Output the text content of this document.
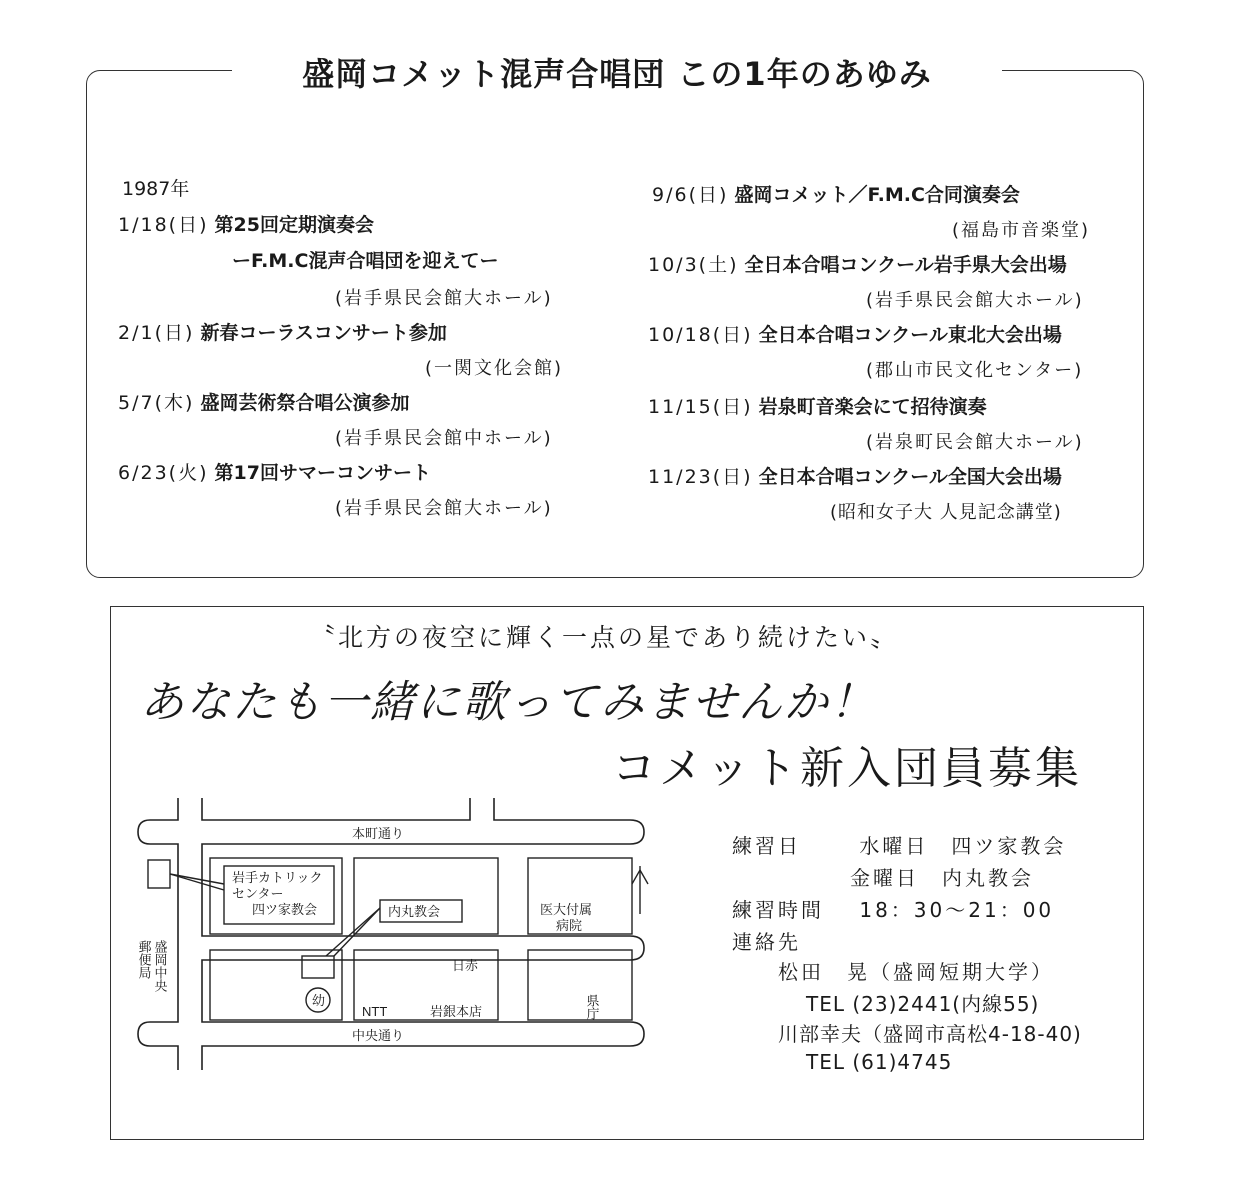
盛岡コメット混声合唱団 この1年のあゆみ
1987年
1/18(日) 第25回定期演奏会
ーF.M.C混声合唱団を迎えてー
(岩手県民会館大ホール)
2/1(日) 新春コーラスコンサート参加
(一関文化会館)
5/7(木) 盛岡芸術祭合唱公演参加
(岩手県民会館中ホール)
6/23(火) 第17回サマーコンサート
(岩手県民会館大ホール)
9/6(日) 盛岡コメット／F.M.C合同演奏会
(福島市音楽堂)
10/3(土) 全日本合唱コンクール岩手県大会出場
(岩手県民会館大ホール)
10/18(日) 全日本合唱コンクール東北大会出場
(郡山市民文化センター)
11/15(日) 岩泉町音楽会にて招待演奏
(岩泉町民会館大ホール)
11/23(日) 全日本合唱コンクール全国大会出場
(昭和女子大 人見記念講堂)
〝北方の夜空に輝く一点の星であり続けたい〟
あなたも一緒に歌ってみませんか！
コメット新入団員募集
本町通り
中央通り
岩手カトリック
センター
四ツ家教会	内丸教会	医大付属
病院
日赤
NTT	岩銀本店
幼
盛岡中央
郵便局
県庁
練習日	水曜日　四ツ家教会
金曜日　内丸教会
練習時間 18：30〜21：00
連絡先
松田　晃（盛岡短期大学）
TEL (23)2441(内線55)
川部幸夫（盛岡市高松4-18-40)
TEL (61)4745
